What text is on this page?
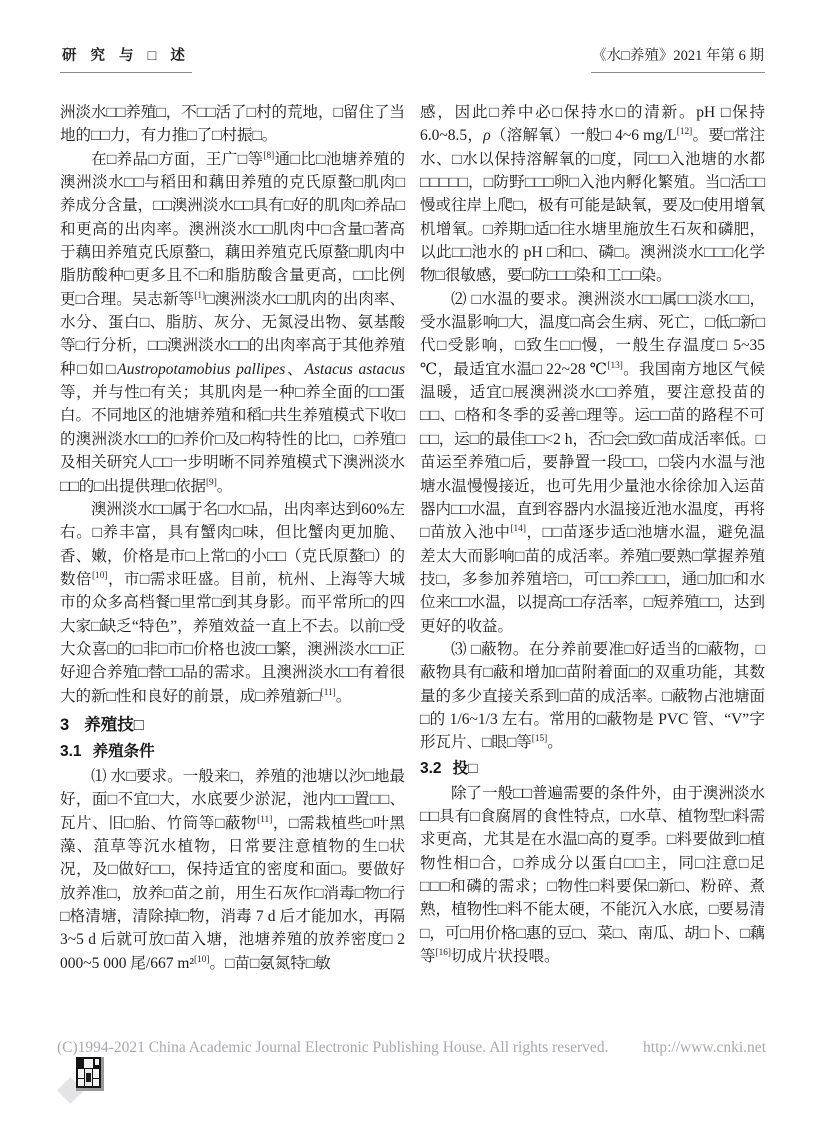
研 究 与 □ 述	《水□养殖》2021 年第 6 期

洲淡水□□养殖□，不□□活了□村的荒地，□留住了当地的□□力，有力推□了□村振□。

在□养品□方面，王广□等[8]通□比□池塘养殖的澳洲淡水□□与稻田和藕田养殖的克氏原螯□肌肉□养成分含量，□□澳洲淡水□□具有□好的肌肉□养品□和更高的出肉率。澳洲淡水□□肌肉中□含量□著高于藕田养殖克氏原螯□，藕田养殖克氏原螯□肌肉中脂肪酸种□更多且不□和脂肪酸含量更高，□□比例更□合理。吴志新等[1]□澳洲淡水□□肌肉的出肉率、水分、蛋白□、脂肪、灰分、无氮浸出物、氨基酸等□行分析，□□澳洲淡水□□的出肉率高于其他养殖种□如□Austropotamobius pallipes、Astacus astacus 等，并与性□有关；其肌肉是一种□养全面的□□蛋白。不同地区的池塘养殖和稻□共生养殖模式下收□的澳洲淡水□□的□养价□及□构特性的比□，□养殖□及相关研究人□□一步明晰不同养殖模式下澳洲淡水□□的□出提供理□依据[9]。

澳洲淡水□□属于名□水□品，出肉率达到60%左右。□养丰富，具有蟹肉□味，但比蟹肉更加脆、香、嫩，价格是市□上常□的小□□（克氏原螯□）的数倍[10]，市□需求旺盛。目前，杭州、上海等大城市的众多高档餐□里常□到其身影。而平常所□的四大家□缺乏“特色”，养殖效益一直上不去。以前□受大众喜□的□非□市□价格也波□□繁，澳洲淡水□□正好迎合养殖□替□□品的需求。且澳洲淡水□□有着很大的新□性和良好的前景，成□养殖新□[11]。

3 养殖技□
3.1 养殖条件

⑴ 水□要求。一般来□，养殖的池塘以沙□地最好，面□不宜□大，水底要少淤泥，池内□□置□□、瓦片、旧□胎、竹筒等□蔽物[11]，□需栽植些□叶黑藻、菹草等沉水植物，日常要注意植物的生□状况，及□做好□□，保持适宜的密度和面□。要做好放养准□，放养□苗之前，用生石灰作□消毒□物□行□格清塘，清除掉□物，消毒 7 d 后才能加水，再隔 3~5 d 后就可放□苗入塘，池塘养殖的放养密度□ 2 000~5 000 尾/667 m²[10]。□苗□氨氮特□敏

感，因此□养中必□保持水□的清新。pH □保持6.0~8.5，ρ（溶解氧）一般□ 4~6 mg/L[12]。要□常注水、□水以保持溶解氧的□度，同□□入池塘的水都□□□□□，□防野□□□卵□入池内孵化繁殖。当□活□□慢或往岸上爬□，极有可能是缺氧，要及□使用增氧机增氧。□养期□适□往水塘里施放生石灰和磷肥，以此□□池水的 pH □和□、磷□。澳洲淡水□□□化学物□很敏感，要□防□□□染和工□□染。

⑵ □水温的要求。澳洲淡水□□属□□淡水□□，受水温影响□大，温度□高会生病、死亡，□低□新□代□受影响，□致生□□慢，一般生存温度□ 5~35 ℃，最适宜水温□ 22~28 ℃[13]。我国南方地区气候温暖，适宜□展澳洲淡水□□养殖，要注意投苗的□□、□格和冬季的妥善□理等。运□□苗的路程不可□□，运□的最佳□□<2 h，否□会□致□苗成活率低。□苗运至养殖□后，要静置一段□□，□袋内水温与池塘水温慢慢接近，也可先用少量池水徐徐加入运苗器内□□水温，直到容器内水温接近池水温度，再将□苗放入池中[14]，□□苗逐步适□池塘水温，避免温差太大而影响□苗的成活率。养殖□要熟□掌握养殖技□，多参加养殖培□，可□□养□□□，通□加□和水位来□□水温，以提高□□存活率，□短养殖□□，达到更好的收益。

⑶ □蔽物。在分养前要准□好适当的□蔽物，□蔽物具有□蔽和增加□苗附着面□的双重功能，其数量的多少直接关系到□苗的成活率。□蔽物占池塘面□的 1/6~1/3 左右。常用的□蔽物是 PVC 管、“V”字形瓦片、□眼□等[15]。

3.2 投□

除了一般□□普遍需要的条件外，由于澳洲淡水□□具有□食腐屑的食性特点，□水草、植物型□料需求更高，尤其是在水温□高的夏季。□料要做到□植物性相□合，□养成分以蛋白□□主，同□注意□足□□□和磷的需求；□物性□料要保□新□、粉碎、煮熟，植物性□料不能太硬，不能沉入水底，□要易清□，可□用价格□惠的豆□、菜□、南瓜、胡□卜、□藕等[16]切成片状投喂。

(C)1994-2021 China Academic Journal Electronic Publishing House. All rights reserved. http://www.cnki.net
